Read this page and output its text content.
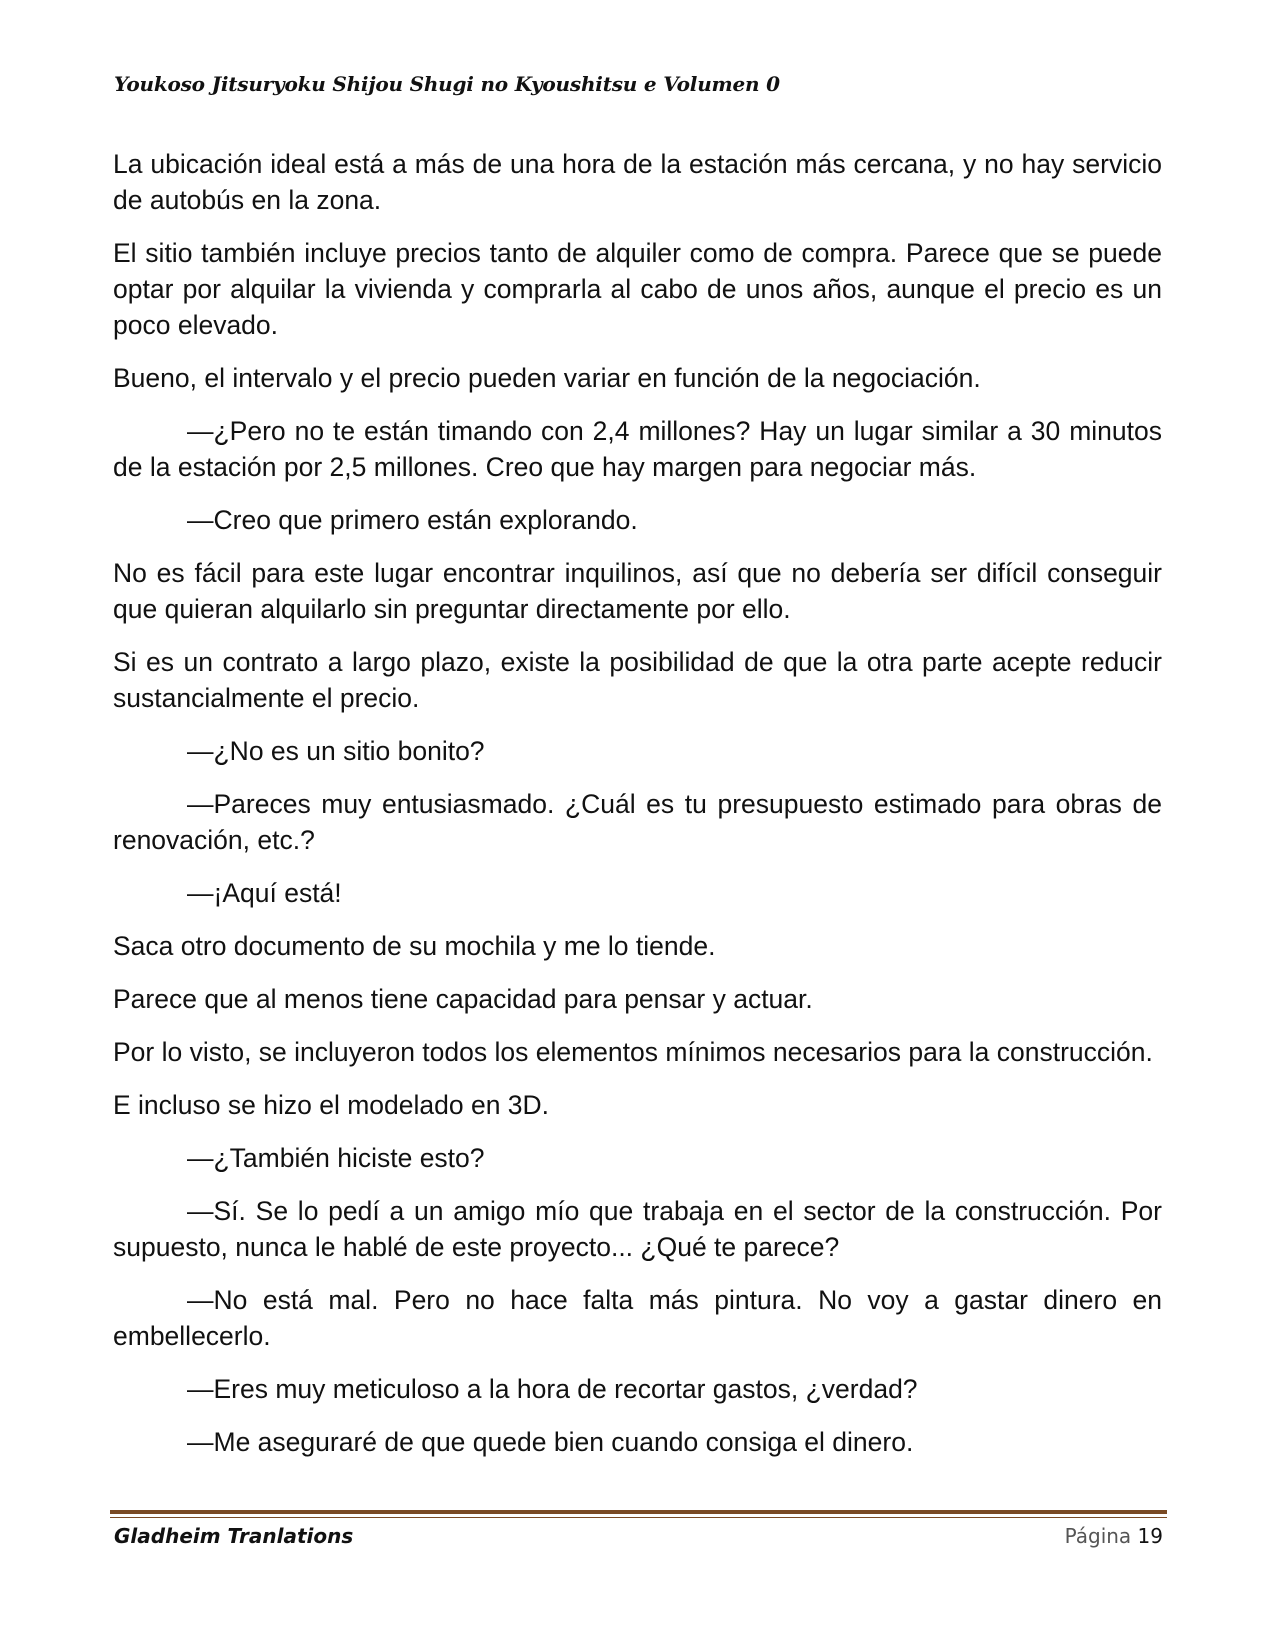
Youkoso Jitsuryoku Shijou Shugi no Kyoushitsu e Volumen 0

La ubicación ideal está a más de una hora de la estación más cercana, y no hay servicio de autobús en la zona.

El sitio también incluye precios tanto de alquiler como de compra. Parece que se puede optar por alquilar la vivienda y comprarla al cabo de unos años, aunque el precio es un poco elevado.

Bueno, el intervalo y el precio pueden variar en función de la negociación.

—¿Pero no te están timando con 2,4 millones? Hay un lugar similar a 30 minutos de la estación por 2,5 millones. Creo que hay margen para negociar más.

—Creo que primero están explorando.

No es fácil para este lugar encontrar inquilinos, así que no debería ser difícil conseguir que quieran alquilarlo sin preguntar directamente por ello.

Si es un contrato a largo plazo, existe la posibilidad de que la otra parte acepte reducir sustancialmente el precio.

—¿No es un sitio bonito?

—Pareces muy entusiasmado. ¿Cuál es tu presupuesto estimado para obras de renovación, etc.?

—¡Aquí está!

Saca otro documento de su mochila y me lo tiende.

Parece que al menos tiene capacidad para pensar y actuar.

Por lo visto, se incluyeron todos los elementos mínimos necesarios para la construcción.

E incluso se hizo el modelado en 3D.

—¿También hiciste esto?

—Sí. Se lo pedí a un amigo mío que trabaja en el sector de la construcción. Por supuesto, nunca le hablé de este proyecto... ¿Qué te parece?

—No está mal. Pero no hace falta más pintura. No voy a gastar dinero en embellecerlo.

—Eres muy meticuloso a la hora de recortar gastos, ¿verdad?

—Me aseguraré de que quede bien cuando consiga el dinero.

Gladheim Tranlations	Página 19
